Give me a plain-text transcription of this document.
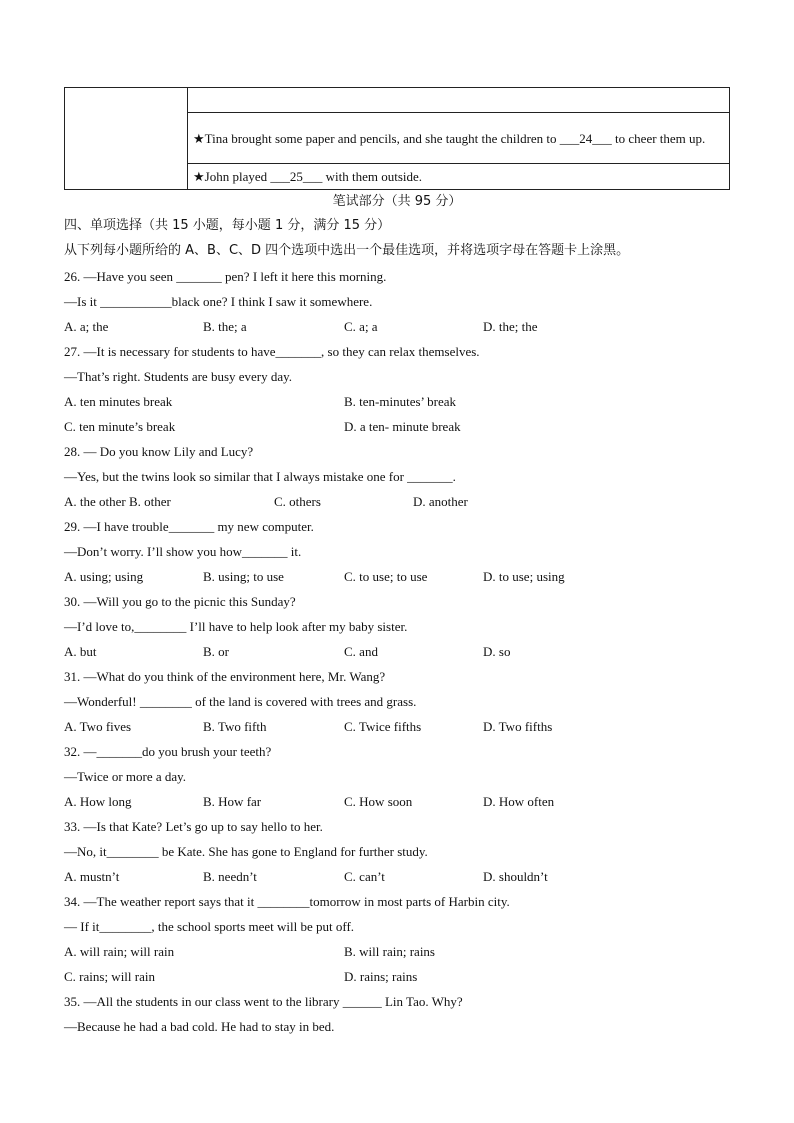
★Tina brought some paper and pencils, and she taught the children to ___24___ to cheer them up.

★John played ___25___ with them outside.
笔试部分（共 95 分）
四、单项选择（共 15 小题，每小题 1 分，满分 15 分）
从下列每小题所给的 A、B、C、D 四个选项中选出一个最佳选项，并将选项字母在答题卡上涂黑。
26. —Have you seen _______ pen? I left it here this morning.
—Is it ___________black one? I think I saw it somewhere.
A. a; the	B. the; a	C. a; a	D. the; the
27. —It is necessary for students to have_______, so they can relax themselves.
—That’s right. Students are busy every day.
A. ten minutes break	B. ten-minutes’ break
C. ten minute’s break	D. a ten- minute break
28. — Do you know Lily and Lucy?
—Yes, but the twins look so similar that I always mistake one for _______.
A. the other B. other	C. others	D. another
29. —I have trouble_______ my new computer.
—Don’t worry. I’ll show you how_______ it.
A. using; using	B. using; to use	C. to use; to use	D. to use; using
30. —Will you go to the picnic this Sunday?
—I’d love to,________ I’ll have to help look after my baby sister.
A. but	B. or	C. and	D. so
31. —What do you think of the environment here, Mr. Wang?
—Wonderful! ________ of the land is covered with trees and grass.
A. Two fives	B. Two fifth	C. Twice fifths	D. Two fifths
32. —_______do you brush your teeth?
—Twice or more a day.
A. How long	B. How far	C. How soon	D. How often
33. —Is that Kate? Let’s go up to say hello to her.
—No, it________ be Kate. She has gone to England for further study.
A. mustn’t	B. needn’t	C. can’t	D. shouldn’t
34. —The weather report says that it ________tomorrow in most parts of Harbin city.
— If it________, the school sports meet will be put off.
A. will rain; will rain	B. will rain; rains
C. rains; will rain	D. rains; rains
35. —All the students in our class went to the library ______ Lin Tao. Why?
—Because he had a bad cold. He had to stay in bed.
